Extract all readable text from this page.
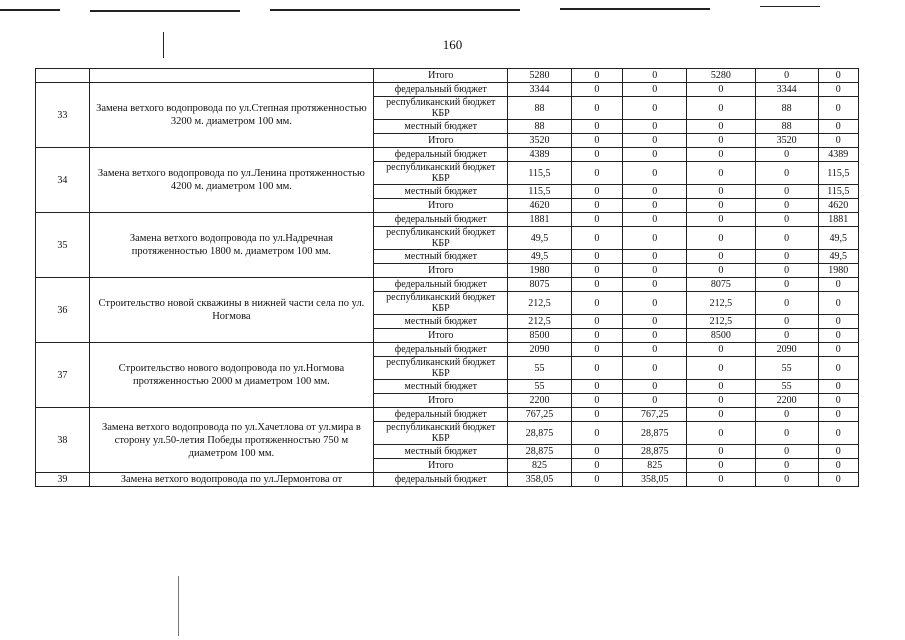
160
		Итого	5280	0	0	5280	0	0
33	Замена ветхого водопровода по ул.Степная протяженностью 3200 м. диаметром 100 мм.	федеральный бюджет	3344	0	0	0	3344	0
		республиканский бюджет КБР	88	0	0	0	88	0
		местный бюджет	88	0	0	0	88	0
		Итого	3520	0	0	0	3520	0
34	Замена ветхого водопровода по ул.Ленина протяженностью 4200 м. диаметром 100 мм.	федеральный бюджет	4389	0	0	0	0	4389
		республиканский бюджет КБР	115,5	0	0	0	0	115,5
		местный бюджет	115,5	0	0	0	0	115,5
		Итого	4620	0	0	0	0	4620
35	Замена ветхого водопровода по ул.Надречная протяженностью 1800 м. диаметром 100 мм.	федеральный бюджет	1881	0	0	0	0	1881
		республиканский бюджет КБР	49,5	0	0	0	0	49,5
		местный бюджет	49,5	0	0	0	0	49,5
		Итого	1980	0	0	0	0	1980
36	Строительство новой скважины в нижней части села по ул. Ногмова	федеральный бюджет	8075	0	0	8075	0	0
		республиканский бюджет КБР	212,5	0	0	212,5	0	0
		местный бюджет	212,5	0	0	212,5	0	0
		Итого	8500	0	0	8500	0	0
37	Строительство нового водопровода по ул.Ногмова протяженностью 2000 м диаметром 100 мм.	федеральный бюджет	2090	0	0	0	2090	0
		республиканский бюджет КБР	55	0	0	0	55	0
		местный бюджет	55	0	0	0	55	0
		Итого	2200	0	0	0	2200	0
38	Замена ветхого водопровода по ул.Хачетлова от ул.мира в сторону ул.50-летия Победы протяженностью 750 м диаметром 100 мм.	федеральный бюджет	767,25	0	767,25	0	0	0
		республиканский бюджет КБР	28,875	0	28,875	0	0	0
		местный бюджет	28,875	0	28,875	0	0	0
		Итого	825	0	825	0	0	0
39	Замена ветхого водопровода по ул.Лермонтова от	федеральный бюджет	358,05	0	358,05	0	0	0
